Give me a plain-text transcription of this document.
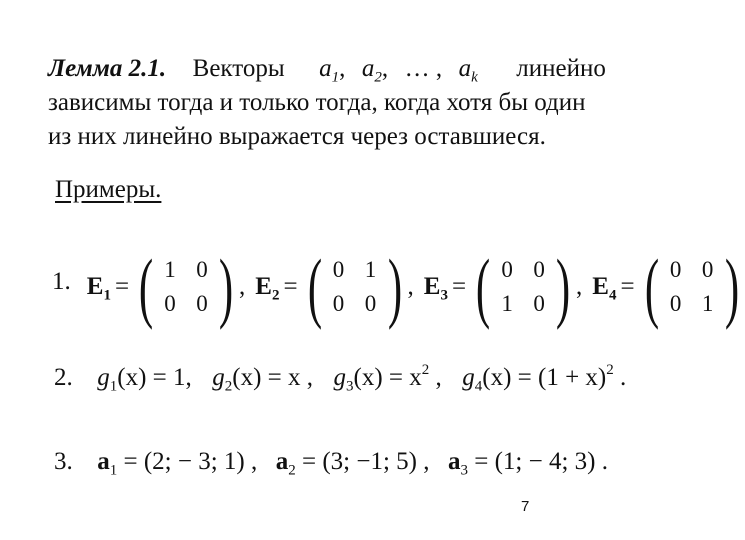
Лемма 2.1. Векторы $a_1$,  $a_2$,  … ,  $a_k$ линейно
зависимы тогда и только тогда, когда хотя бы один
из них линейно выражается через оставшиеся.
Примеры.
1. $E_1$ = ( 1 0
0 0 ) , $E_2$ = ( 0 1
0 0 ) , $E_3$ = ( 0 0
1 0 ) , $E_4$ = ( 0 0
0 1 )
2. $g_1(x) = 1$, $g_2(x) = x$ , $g_3(x) = x^2$ , $g_4(x) = (1 + x)^2$ .
3. $a_1 = (2$; − 3; 1) , $a_2 = (3$; −1; 5) , $a_3 = (1$; − 4; 3) .
7
